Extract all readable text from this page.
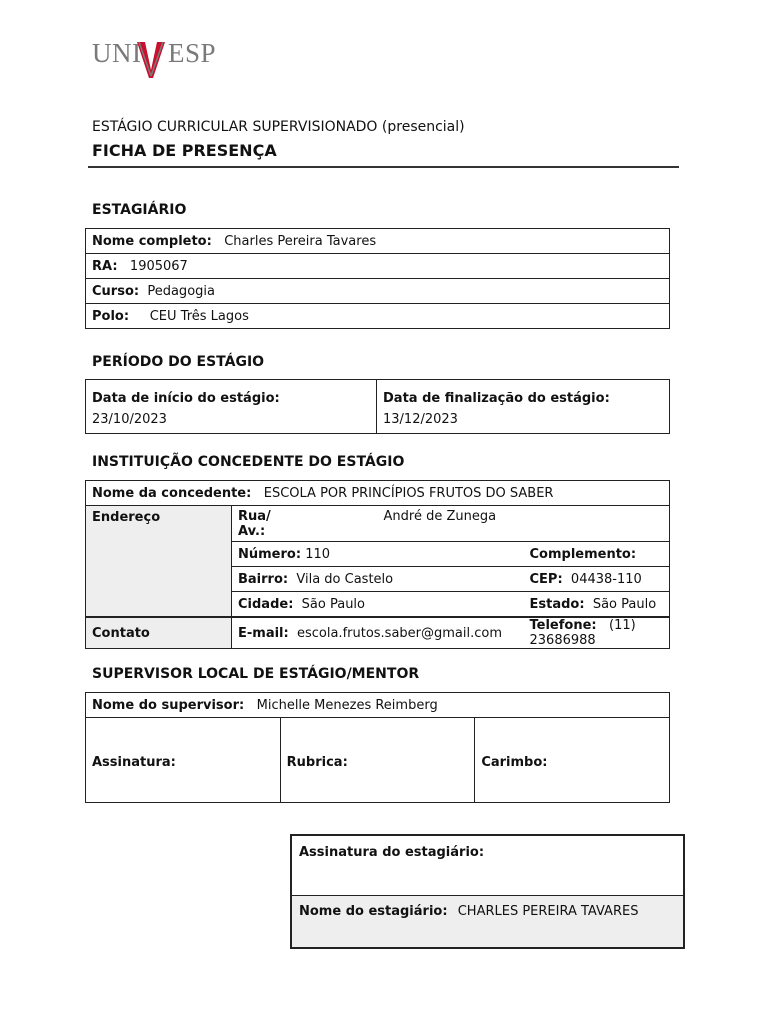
UNI ESP
ESTÁGIO CURRICULAR SUPERVISIONADO (presencial)
FICHA DE PRESENÇA
ESTAGIÁRIO
Nome completo: Charles Pereira Tavares
RA: 1905067
Curso: Pedagogia
Polo: CEU Três Lagos
PERÍODO DO ESTÁGIO
Data de início do estágio:
23/10/2023

Data de finalização do estágio:
13/12/2023
INSTITUIÇÃO CONCEDENTE DO ESTÁGIO
Nome da concedente: ESCOLA POR PRINCÍPIOS FRUTOS DO SABER			
Endereço	Rua/
Av.:	André de Zunega	
	Número: 110		Complemento:
	Bairro: Vila do Castelo		CEP: 04438-110
	Cidade: São Paulo		Estado: São Paulo
Contato	E-mail: escola.frutos.saber@gmail.com		Telefone: (11) 23686988
SUPERVISOR LOCAL DE ESTÁGIO/MENTOR
Nome do supervisor: Michelle Menezes Reimberg
Assinatura:	Rubrica:	Carimbo:
Assinatura do estagiário:
Nome do estagiário: CHARLES PEREIRA TAVARES
